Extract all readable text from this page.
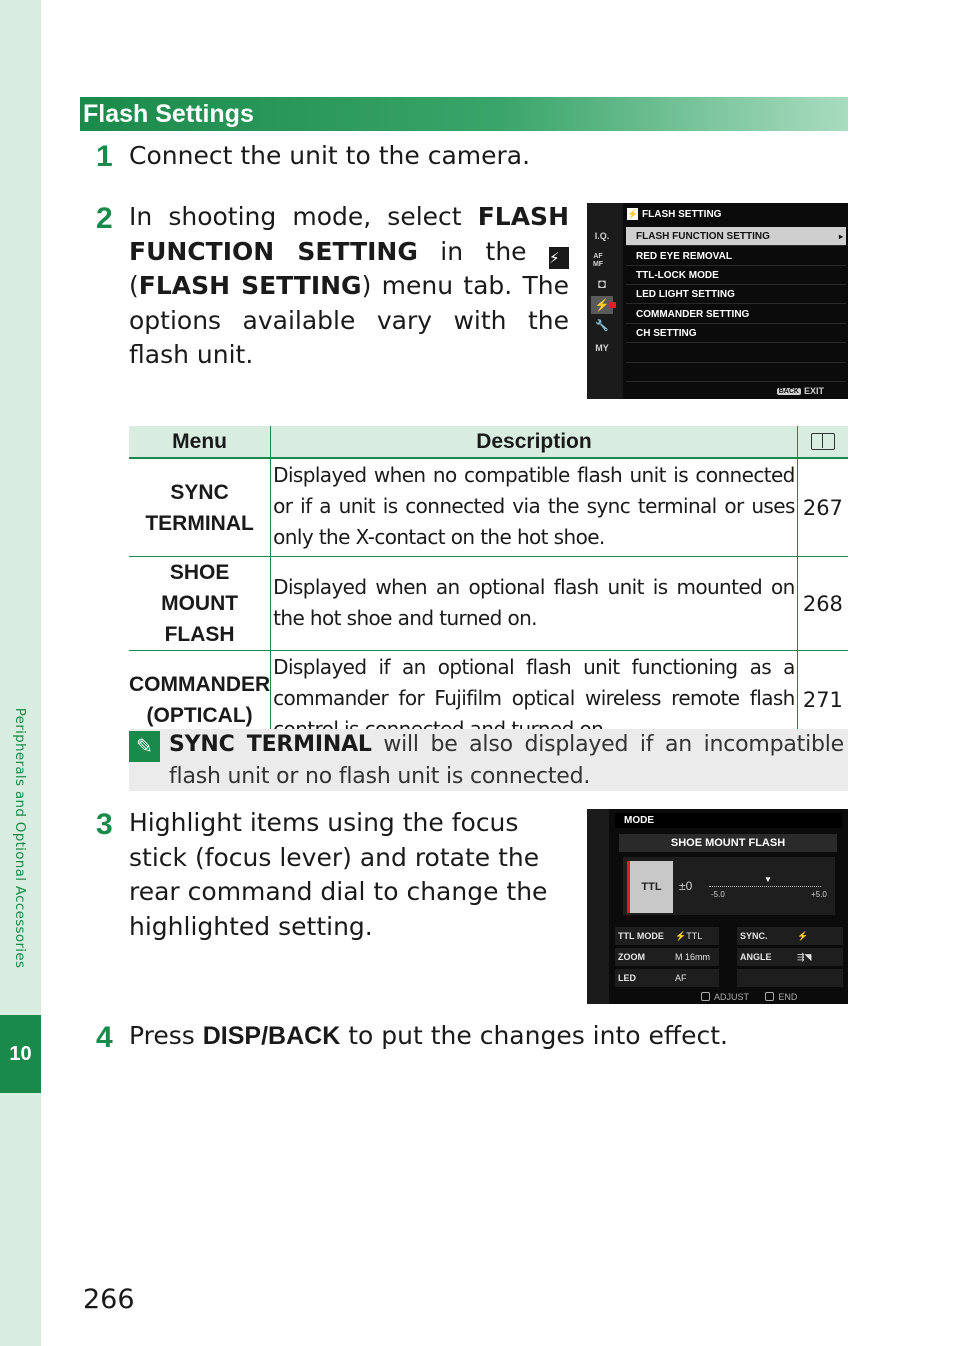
Peripherals and Optional Accessories
10
Flash Settings
1 Connect the unit to the camera.
2 In shooting mode, select FLASH FUNCTION SETTING in the ⚡ (FLASH SETTING) menu tab. The options available vary with the flash unit.
I.Q.
AF MF
◘
⚡
🔧
MY
⚡ FLASH SETTING
FLASH FUNCTION SETTING	▸
RED EYE REMOVAL
TTL-LOCK MODE
LED LIGHT SETTING
COMMANDER SETTING
CH SETTING
BACK EXIT
Menu	Description	
SYNC
TERMINAL	Displayed when no compatible flash unit is connected or if a unit is connected via the sync terminal or uses only the X-contact on the hot shoe.	267
SHOE MOUNT
FLASH	Displayed when an optional flash unit is mounted on the hot shoe and turned on.	268
COMMANDER
(OPTICAL)	Displayed if an optional flash unit functioning as a commander for Fujifilm optical wireless remote flash	271
✎ SYNC TERMINAL will be also displayed if an incompatible flash unit or no flash unit is connected.
3 Highlight items using the focus stick (focus lever) and rotate the rear command dial to change the highlighted setting.
MODE
SHOE MOUNT FLASH
TTL	±0	▼
-5.0	+5.0
TTL MODE ⚡TTL	SYNC.	⚡
ZOOM	M 16mm	ANGLE	⇶◥
LED	AF
ADJUST	END
4 Press DISP/BACK to put the changes into effect.
266
